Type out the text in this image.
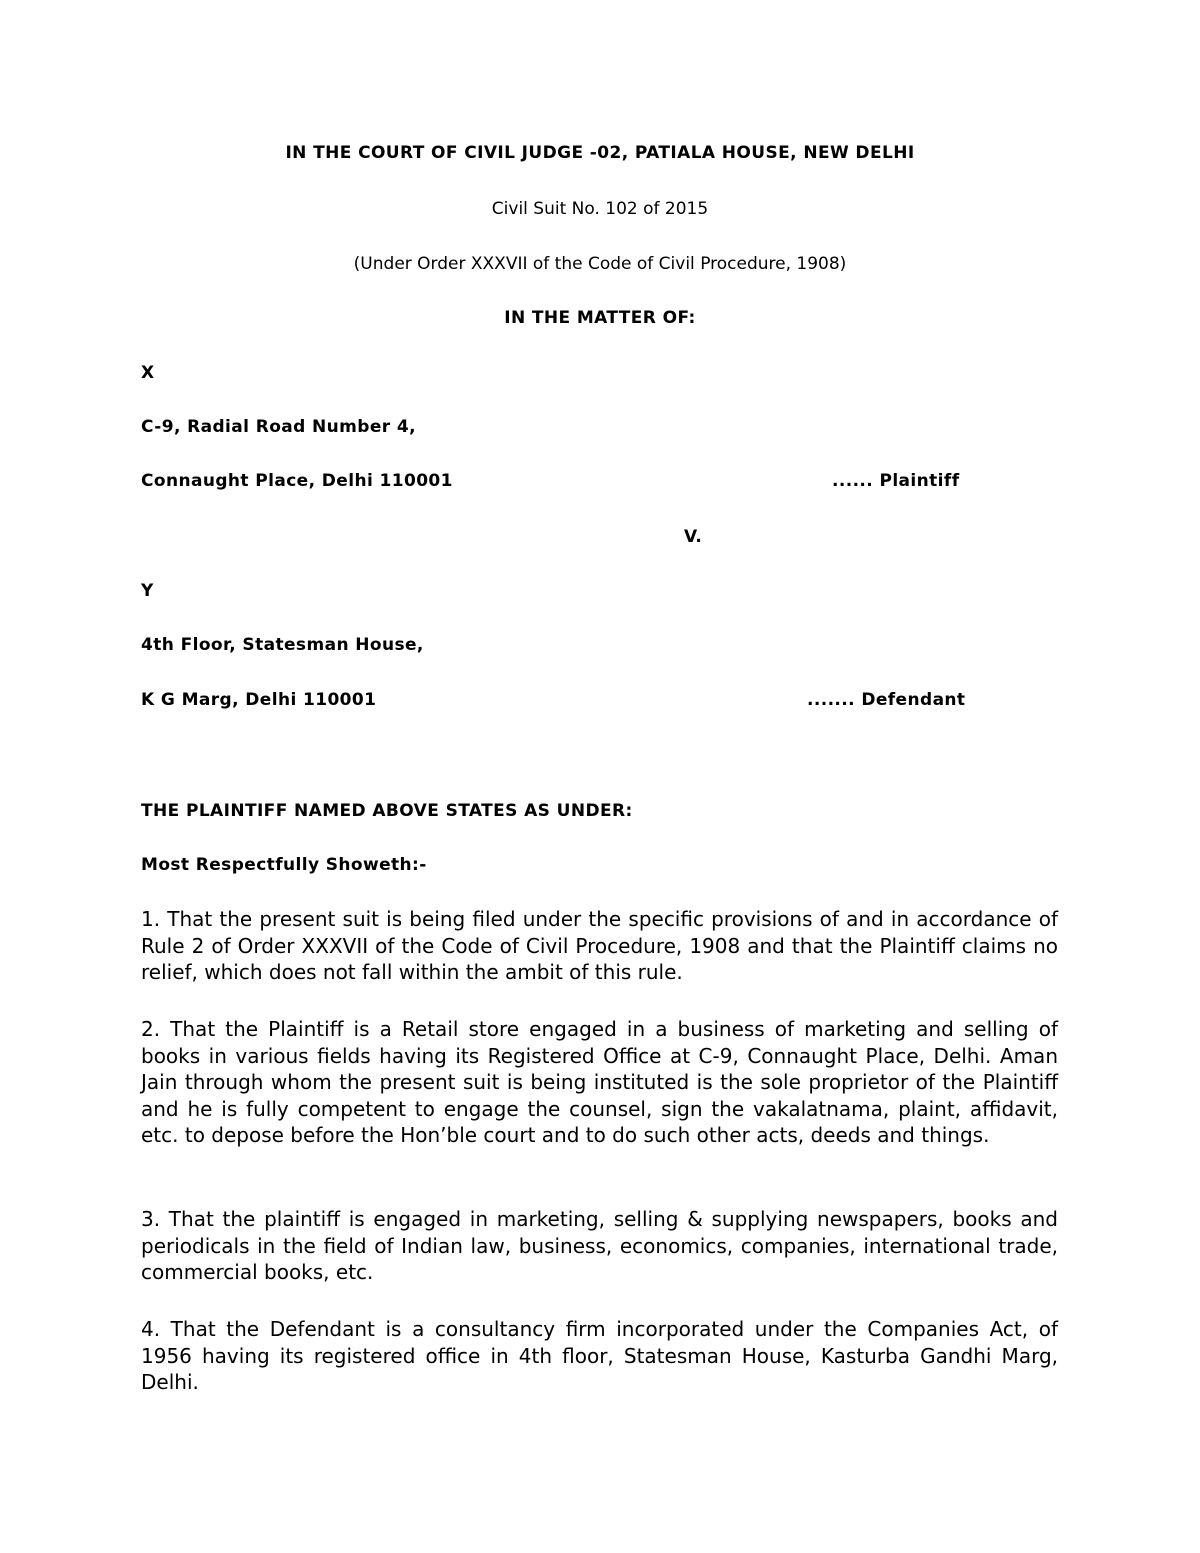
IN THE COURT OF CIVIL JUDGE -02, PATIALA HOUSE, NEW DELHI
Civil Suit No. 102 of 2015
(Under Order XXXVII of the Code of Civil Procedure, 1908)
IN THE MATTER OF:
X
C-9, Radial Road Number 4,
Connaught Place, Delhi 110001	...... Plaintiff
V.
Y
4th Floor, Statesman House,
K G Marg, Delhi 110001	....... Defendant
THE PLAINTIFF NAMED ABOVE STATES AS UNDER:
Most Respectfully Showeth:-
1. That the present suit is being filed under the specific provisions of and in accordance of Rule 2 of Order XXXVII of the Code of Civil Procedure, 1908 and that the Plaintiff claims no relief, which does not fall within the ambit of this rule.
2. That the Plaintiff is a Retail store engaged in a business of marketing and selling of books in various fields having its Registered Office at C-9, Connaught Place, Delhi. Aman Jain through whom the present suit is being instituted is the sole proprietor of the Plaintiff and he is fully competent to engage the counsel, sign the vakalatnama, plaint, affidavit, etc. to depose before the Hon’ble court and to do such other acts, deeds and things.
3. That the plaintiff is engaged in marketing, selling & supplying newspapers, books and periodicals in the field of Indian law, business, economics, companies, international trade, commercial books, etc.
4. That the Defendant is a consultancy firm incorporated under the Companies Act, of 1956 having its registered office in 4th floor, Statesman House, Kasturba Gandhi Marg, Delhi.
